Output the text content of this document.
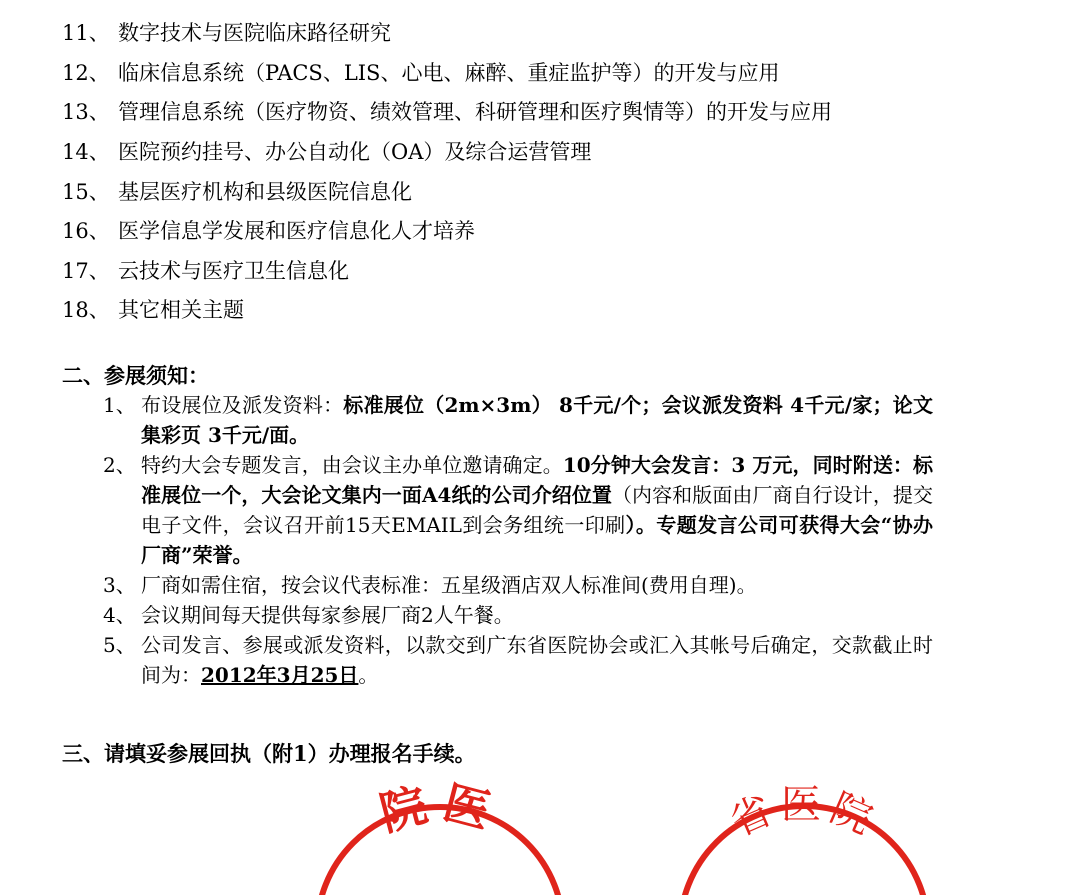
11、 数字技术与医院临床路径研究
12、 临床信息系统（PACS、LIS、心电、麻醉、重症监护等）的开发与应用
13、 管理信息系统（医疗物资、绩效管理、科研管理和医疗舆情等）的开发与应用
14、 医院预约挂号、办公自动化（OA）及综合运营管理
15、 基层医疗机构和县级医院信息化
16、 医学信息学发展和医疗信息化人才培养
17、 云技术与医疗卫生信息化
18、 其它相关主题
二、参展须知：
1、 布设展位及派发资料：标准展位（2m×3m） 8千元/个；会议派发资料 4千元/家；论文集彩页 3千元/面。
2、 特约大会专题发言，由会议主办单位邀请确定。10分钟大会发言：3 万元，同时附送：标准展位一个，大会论文集内一面A4纸的公司介绍位置（内容和版面由厂商自行设计，提交电子文件，会议召开前15天EMAIL到会务组统一印刷）。专题发言公司可获得大会“协办厂商”荣誉。
3、 厂商如需住宿，按会议代表标准：五星级酒店双人标准间(费用自理)。
4、 会议期间每天提供每家参展厂商2人午餐。
5、 公司发言、参展或派发资料，以款交到广东省医院协会或汇入其帐号后确定，交款截止时间为：2012年3月25日。
三、请填妥参展回执（附1）办理报名手续。
院医	省医院
